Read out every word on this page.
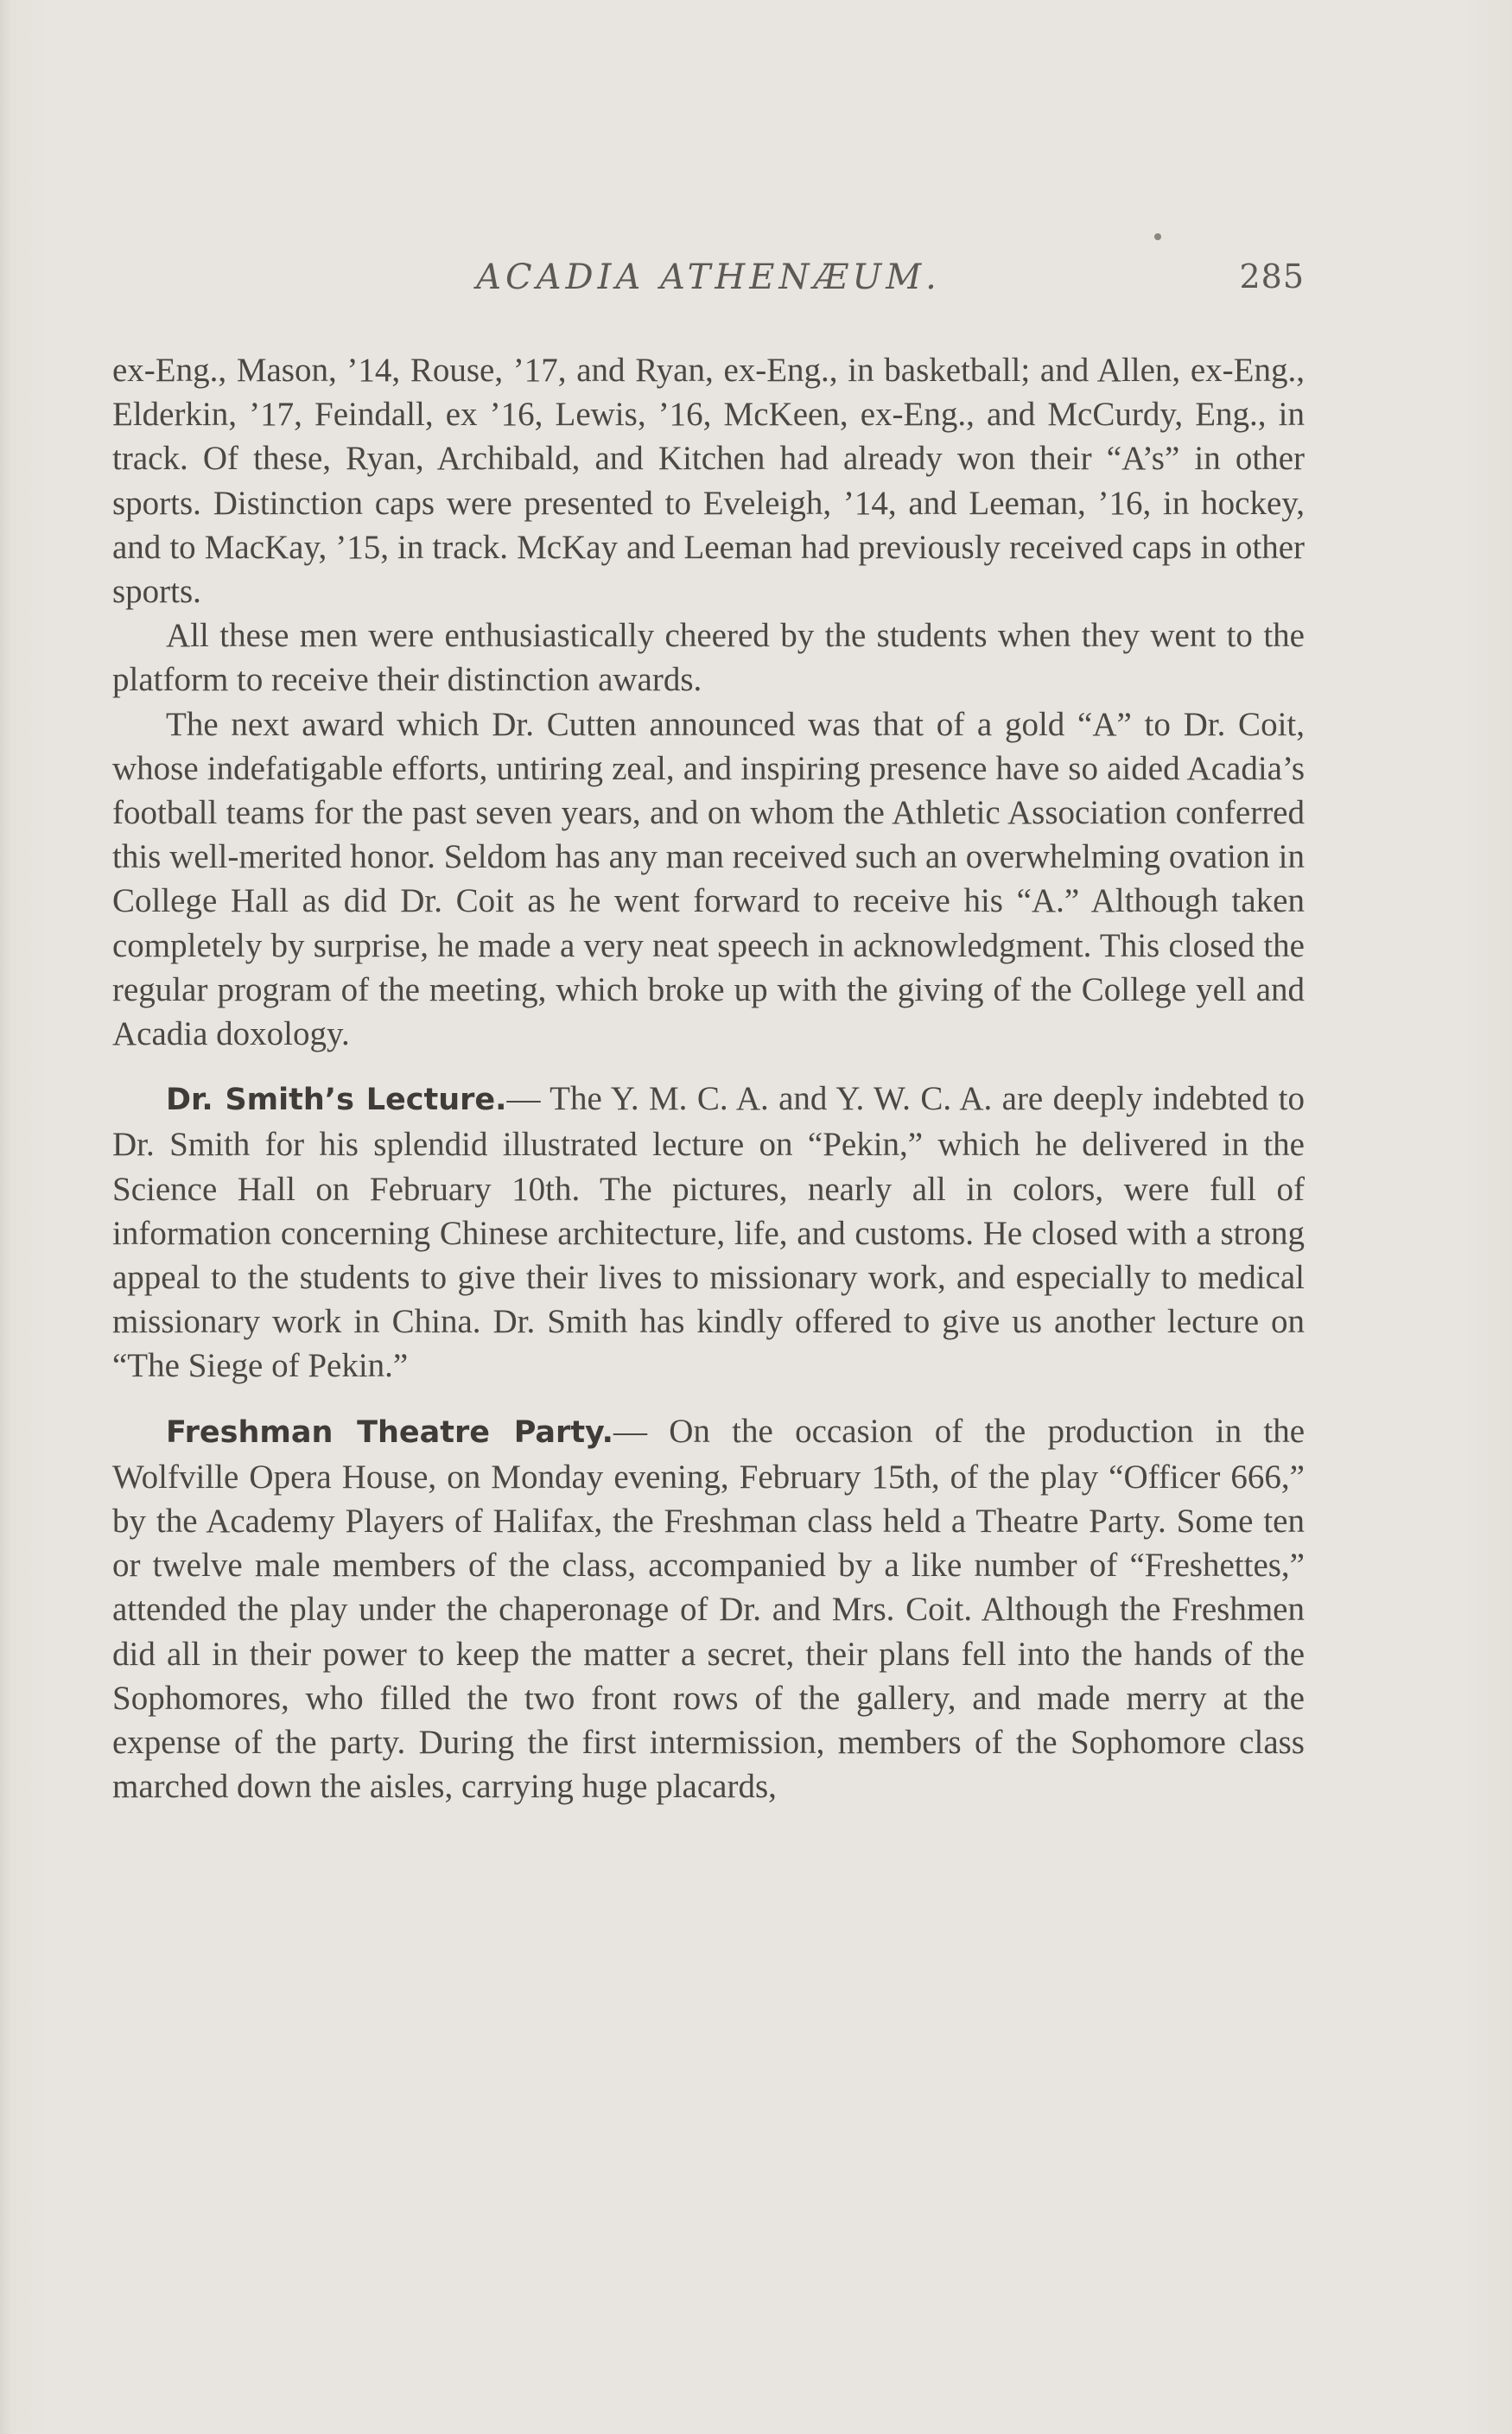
ACADIA ATHENÆUM.	285

ex-Eng., Mason, ’14, Rouse, ’17, and Ryan, ex-Eng., in basketball; and Allen, ex-Eng., Elderkin, ’17, Feindall, ex ’16, Lewis, ’16, McKeen, ex-Eng., and McCurdy, Eng., in track. Of these, Ryan, Archibald, and Kitchen had already won their “A’s” in other sports. Distinction caps were presented to Eveleigh, ’14, and Leeman, ’16, in hockey, and to MacKay, ’15, in track. McKay and Leeman had previously received caps in other sports.

All these men were enthusiastically cheered by the students when they went to the platform to receive their distinction awards.

The next award which Dr. Cutten announced was that of a gold “A” to Dr. Coit, whose indefatigable efforts, untiring zeal, and inspiring presence have so aided Acadia’s football teams for the past seven years, and on whom the Athletic Association conferred this well-merited honor. Seldom has any man received such an overwhelming ovation in College Hall as did Dr. Coit as he went forward to receive his “A.” Although taken completely by surprise, he made a very neat speech in acknowledgment. This closed the regular program of the meeting, which broke up with the giving of the College yell and Acadia doxology.

Dr. Smith’s Lecture.— The Y. M. C. A. and Y. W. C. A. are deeply indebted to Dr. Smith for his splendid illustrated lecture on “Pekin,” which he delivered in the Science Hall on February 10th. The pictures, nearly all in colors, were full of information concerning Chinese architecture, life, and customs. He closed with a strong appeal to the students to give their lives to missionary work, and especially to medical missionary work in China. Dr. Smith has kindly offered to give us another lecture on “The Siege of Pekin.”

Freshman Theatre Party.— On the occasion of the production in the Wolfville Opera House, on Monday evening, February 15th, of the play “Officer 666,” by the Academy Players of Halifax, the Freshman class held a Theatre Party. Some ten or twelve male members of the class, accompanied by a like number of “Freshettes,” attended the play under the chaperonage of Dr. and Mrs. Coit. Although the Freshmen did all in their power to keep the matter a secret, their plans fell into the hands of the Sophomores, who filled the two front rows of the gallery, and made merry at the expense of the party. During the first intermission, members of the Sophomore class marched down the aisles, carrying huge placards,
